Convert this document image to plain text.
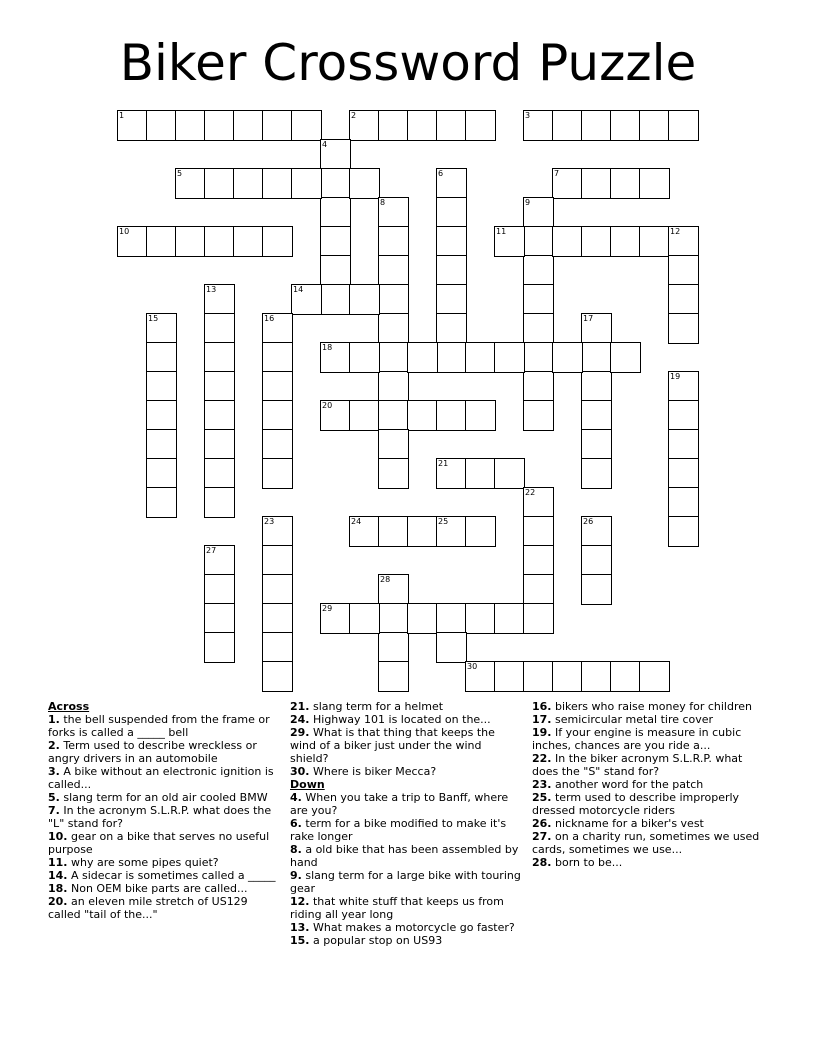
Biker Crossword Puzzle
1	2	3
4
5	6	7
8	9
10	11	12
13	14
15	16	17
18
19
20
21
22
23	24	25	26
27
28
29
30
Across

1. the bell suspended from the frame or forks is called a _____ bell

2. Term used to describe wreckless or angry drivers in an automobile

3. A bike without an electronic ignition is called...

5. slang term for an old air cooled BMW

7. In the acronym S.L.R.P. what does the "L" stand for?

10. gear on a bike that serves no useful purpose

11. why are some pipes quiet?

14. A sidecar is sometimes called a _____

18. Non OEM bike parts are called...

20. an eleven mile stretch of US129 called "tail of the..."

21. slang term for a helmet

24. Highway 101 is located on the...

29. What is that thing that keeps the wind of a biker just under the wind shield?

30. Where is biker Mecca?

Down

4. When you take a trip to Banff, where are you?

6. term for a bike modified to make it's rake longer

8. a old bike that has been assembled by hand

9. slang term for a large bike with touring gear

12. that white stuff that keeps us from riding all year long

13. What makes a motorcycle go faster?

15. a popular stop on US93

16. bikers who raise money for children

17. semicircular metal tire cover

19. If your engine is measure in cubic inches, chances are you ride a...

22. In the biker acronym S.L.R.P. what does the "S" stand for?

23. another word for the patch

25. term used to describe improperly dressed motorcycle riders

26. nickname for a biker's vest

27. on a charity run, sometimes we used cards, sometimes we use...

28. born to be...
